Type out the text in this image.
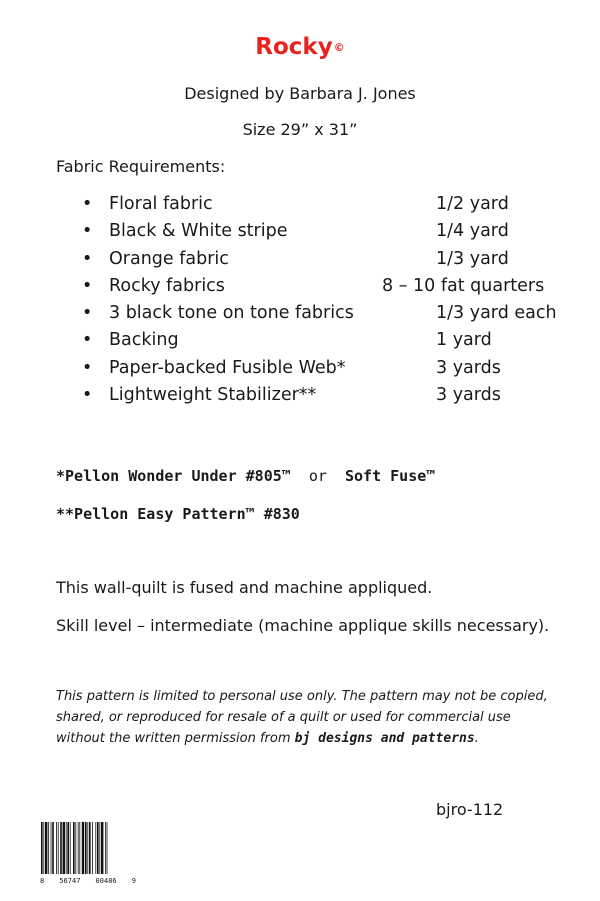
Rocky©
Designed by Barbara J. Jones
Size 29” x 31”
Fabric Requirements:
• Floral fabric	1/2 yard
• Black & White stripe	1/4 yard
• Orange fabric	1/3 yard
• Rocky fabrics	8 – 10 fat quarters
• 3 black tone on tone fabrics	1/3 yard each
• Backing	1 yard
• Paper-backed Fusible Web*	3 yards
• Lightweight Stabilizer**	3 yards
*Pellon Wonder Under #805™ or Soft Fuse™
**Pellon Easy Pattern™ #830
This wall-quilt is fused and machine appliqued.
Skill level – intermediate (machine applique skills necessary).
This pattern is limited to personal use only. The pattern may not be copied, shared, or reproduced for resale of a quilt or used for commercial use without the written permission from bj designs and patterns.
bjro-112
8 56747 00486 9
